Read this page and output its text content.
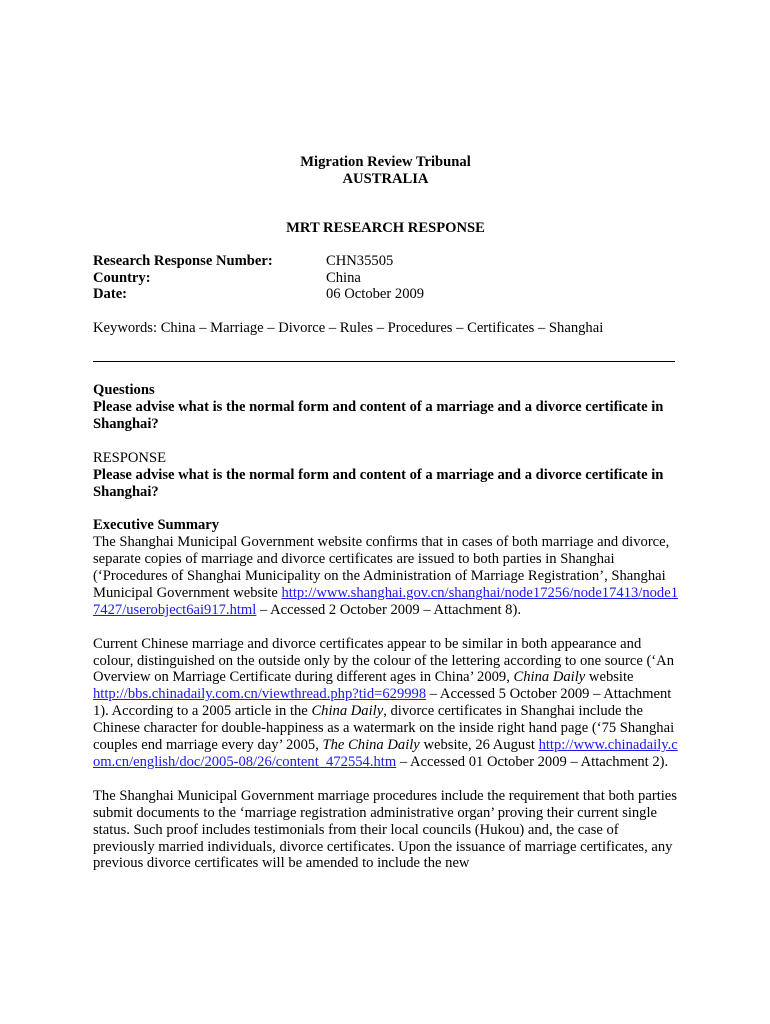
Migration Review Tribunal
AUSTRALIA
MRT RESEARCH RESPONSE
Research Response Number:	CHN35505
Country:	China
Date:	06 October 2009

Keywords: China – Marriage – Divorce – Rules – Procedures – Certificates – Shanghai

Questions

Please advise what is the normal form and content of a marriage and a divorce certificate in Shanghai?

RESPONSE

Please advise what is the normal form and content of a marriage and a divorce certificate in Shanghai?

Executive Summary

The Shanghai Municipal Government website confirms that in cases of both marriage and divorce, separate copies of marriage and divorce certificates are issued to both parties in Shanghai (‘Procedures of Shanghai Municipality on the Administration of Marriage Registration’, Shanghai Municipal Government website http://www.shanghai.gov.cn/shanghai/node17256/node17413/node17427/userobject6ai917.html – Accessed 2 October 2009 – Attachment 8).

Current Chinese marriage and divorce certificates appear to be similar in both appearance and colour, distinguished on the outside only by the colour of the lettering according to one source (‘An Overview on Marriage Certificate during different ages in China’ 2009, China Daily website http://bbs.chinadaily.com.cn/viewthread.php?tid=629998 – Accessed 5 October 2009 – Attachment 1). According to a 2005 article in the China Daily, divorce certificates in Shanghai include the Chinese character for double-happiness as a watermark on the inside right hand page (‘75 Shanghai couples end marriage every day’ 2005, The China Daily website, 26 August http://www.chinadaily.com.cn/english/doc/2005-08/26/content_472554.htm – Accessed 01 October 2009 – Attachment 2).

The Shanghai Municipal Government marriage procedures include the requirement that both parties submit documents to the ‘marriage registration administrative organ’ proving their current single status. Such proof includes testimonials from their local councils (Hukou) and, the case of previously married individuals, divorce certificates. Upon the issuance of marriage certificates, any previous divorce certificates will be amended to include the new
